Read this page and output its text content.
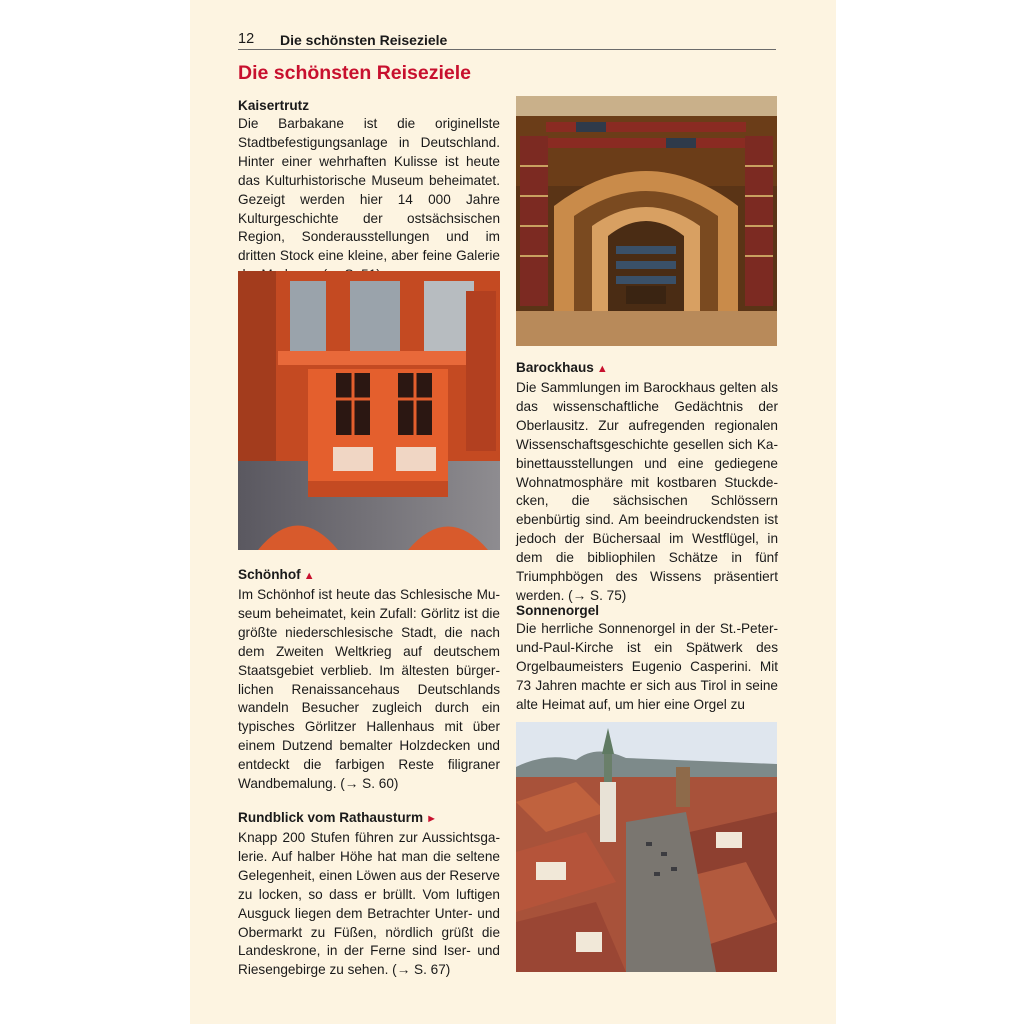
12 Die schönsten Reiseziele
Die schönsten Reiseziele
Kaisertrutz

Die Barbakane ist die originellste Stadtbefestigungsanlage in Deutschland. Hinter einer wehrhaften Kulisse ist heute das Kulturhistorische Museum beheimatet. Gezeigt werden hier 14 000 Jahre Kulturgeschichte der ostsächsischen Region, Sonderausstellungen und im dritten Stock eine kleine, aber feine Galerie

Schönhof ▲

Im Schönhof ist heute das Schlesische Museum beheimatet, kein Zufall: Görlitz ist die größte niederschlesische Stadt, die nach dem Zweiten Weltkrieg auf deutschem Staatsgebiet verblieb. Im ältesten bürgerlichen Renaissancehaus Deutschlands wandeln Besucher zugleich durch ein typisches Görlitzer Hallenhaus mit über einem Dutzend bemalter Holzdecken und entdeckt die farbigen Reste filigraner Wandbemalung. (→ S. 60)

Rundblick vom Rathausturm ►

Knapp 200 Stufen führen zur Aussichtsgalerie. Auf halber Höhe hat man die seltene Gelegenheit, einen Löwen aus der Reserve zu locken, so dass er brüllt. Vom luftigen Ausguck liegen dem Betrachter Unter- und Obermarkt zu Füßen, nördlich grüßt die Landeskrone, in der Ferne sind Iser- und Riesengebirge zu sehen. (→ S. 67)

Barockhaus ▲

Die Sammlungen im Barockhaus gelten als das wissenschaftliche Gedächtnis der Oberlausitz. Zur aufregenden regionalen Wissenschaftsgeschichte gesellen sich Kabinettausstellungen und eine gediegene Wohnatmosphäre mit kostbaren Stuckdecken, die sächsischen Schlössern ebenbürtig sind. Am beeindruckendsten ist jedoch der Büchersaal im Westflügel, in dem die bibliophilen Schätze in fünf Triumphbögen des Wissens präsentiert werden. (→ S. 75)

Sonnenorgel

Die herrliche Sonnenorgel in der St.-Peter-und-Paul-Kirche ist ein Spätwerk des Orgelbaumeisters Eugenio Casperini. Mit 73 Jahren machte er sich aus Tirol in seine alte Heimat auf, um hier eine Orgel zu
